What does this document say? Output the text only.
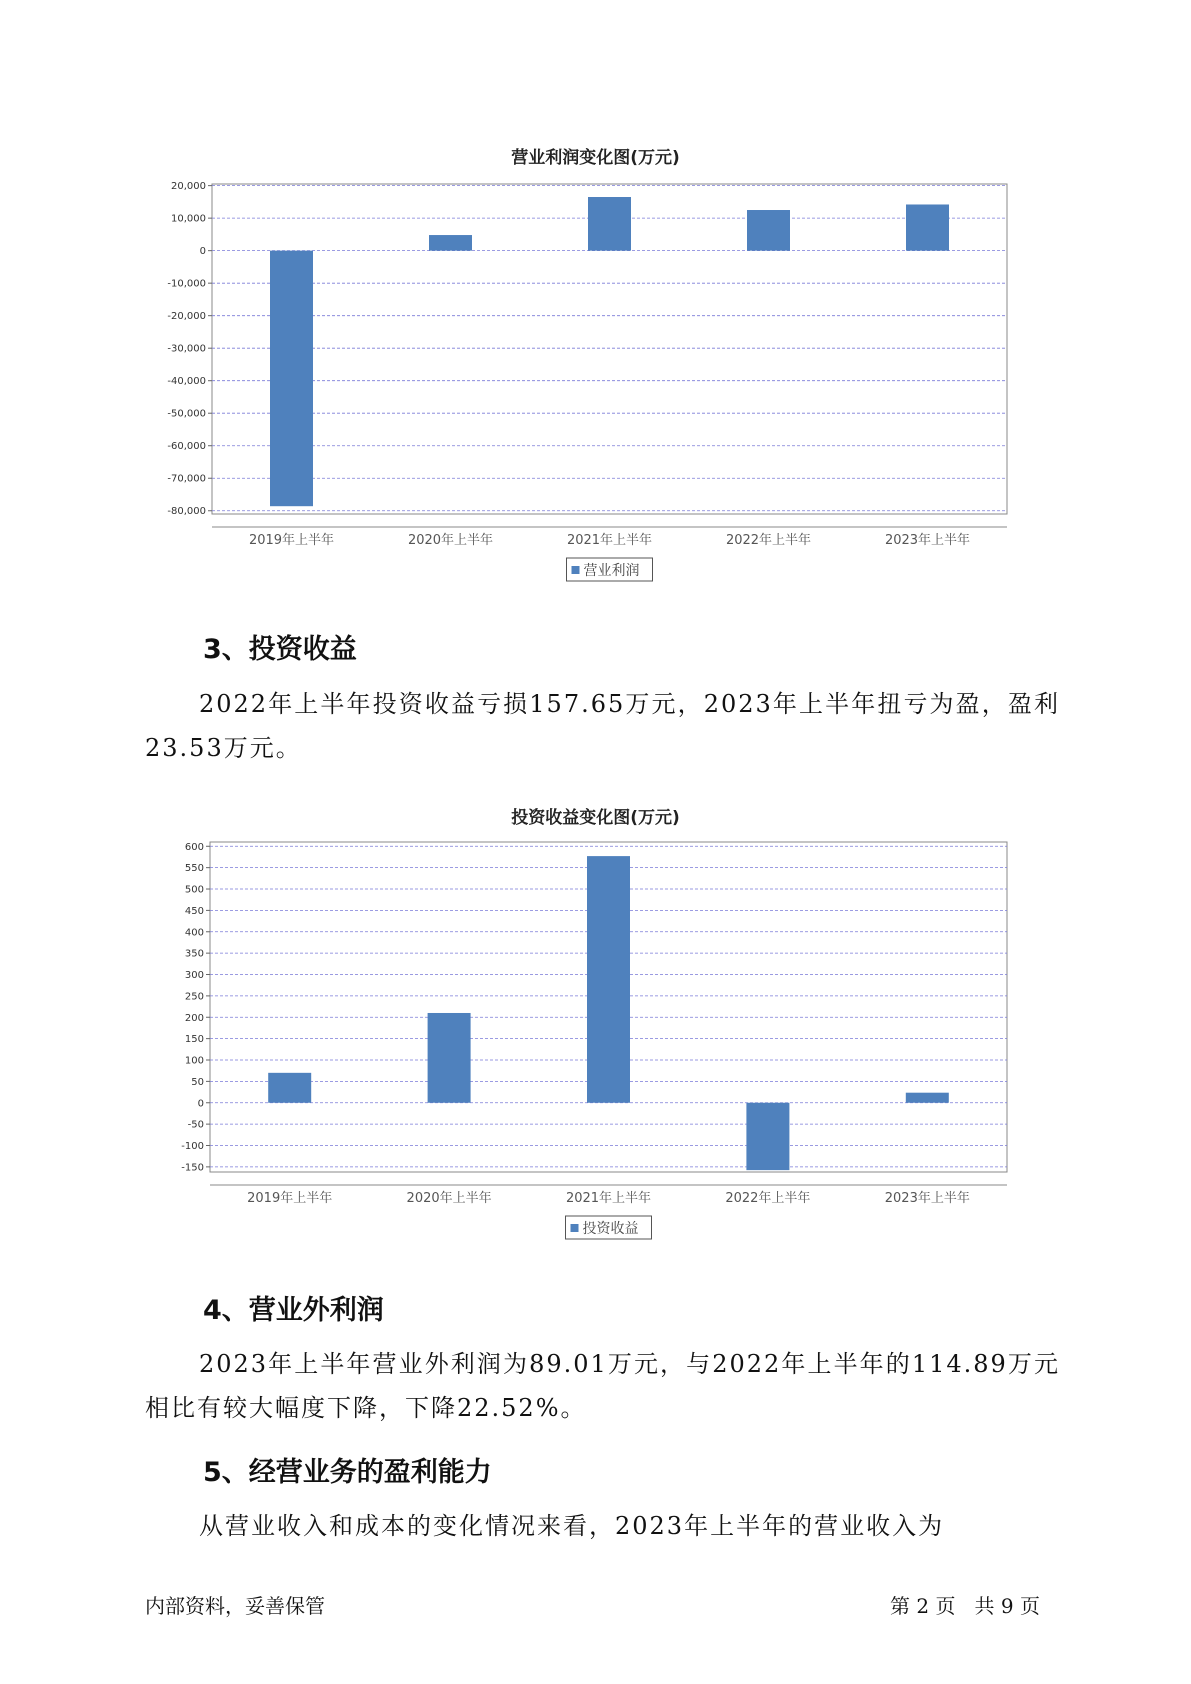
营业利润变化图(万元)
20,000
10,000
0
-10,000
-20,000
-30,000
-40,000
-50,000
-60,000
-70,000
-80,000
2019年上半年	2020年上半年	2021年上半年	2022年上半年	2023年上半年
营业利润
3、投资收益
2022年上半年投资收益亏损157.65万元，2023年上半年扭亏为盈，盈利23.53万元。
投资收益变化图(万元)
600
550
500
450
400
350
300
250
200
150
100
50
0
-50
-100
-150
2019年上半年	2020年上半年	2021年上半年	2022年上半年	2023年上半年
投资收益
4、营业外利润
2023年上半年营业外利润为89.01万元，与2022年上半年的114.89万元相比有较大幅度下降，下降22.52%。
5、经营业务的盈利能力
从营业收入和成本的变化情况来看，2023年上半年的营业收入为
内部资料，妥善保管	第 2 页   共 9 页
